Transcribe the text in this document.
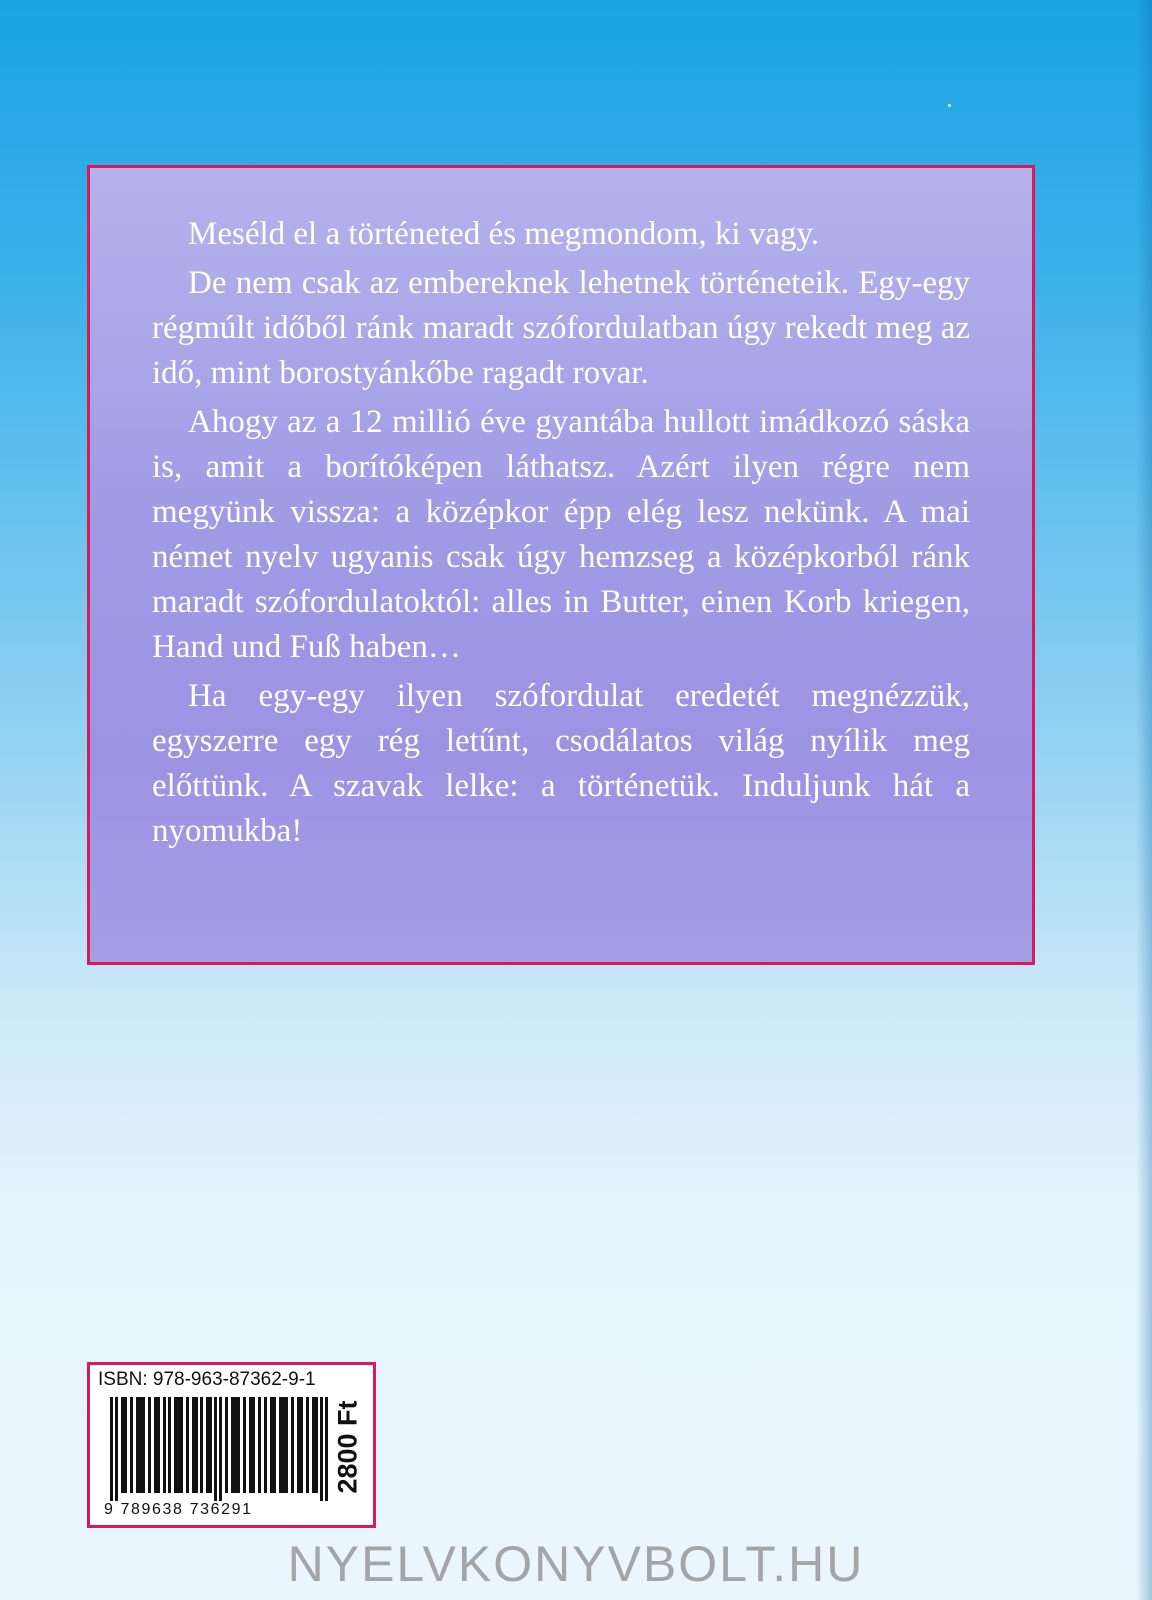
Meséld el a történeted és megmondom, ki vagy.

De nem csak az embereknek lehetnek történeteik. Egy-egy régmúlt időből ránk maradt szófordulatban úgy rekedt meg az idő, mint borostyánkőbe ragadt rovar.

Ahogy az a 12 millió éve gyantába hullott imádkozó sáska is, amit a borítóképen láthatsz. Azért ilyen régre nem megyünk vissza: a középkor épp elég lesz nekünk. A mai német nyelv ugyanis csak úgy hemzseg a középkorból ránk maradt szófordulatoktól: alles in Butter, einen Korb kriegen, Hand und Fuß haben…

Ha egy-egy ilyen szófordulat eredetét megnézzük, egyszerre egy rég letűnt, csodálatos világ nyílik meg előttünk. A szavak lelke: a történetük. Induljunk hát a nyomukba!

ISBN: 978-963-87362-9-1
9 789638 736291
2800 Ft
NYELVKONYVBOLT.HU
